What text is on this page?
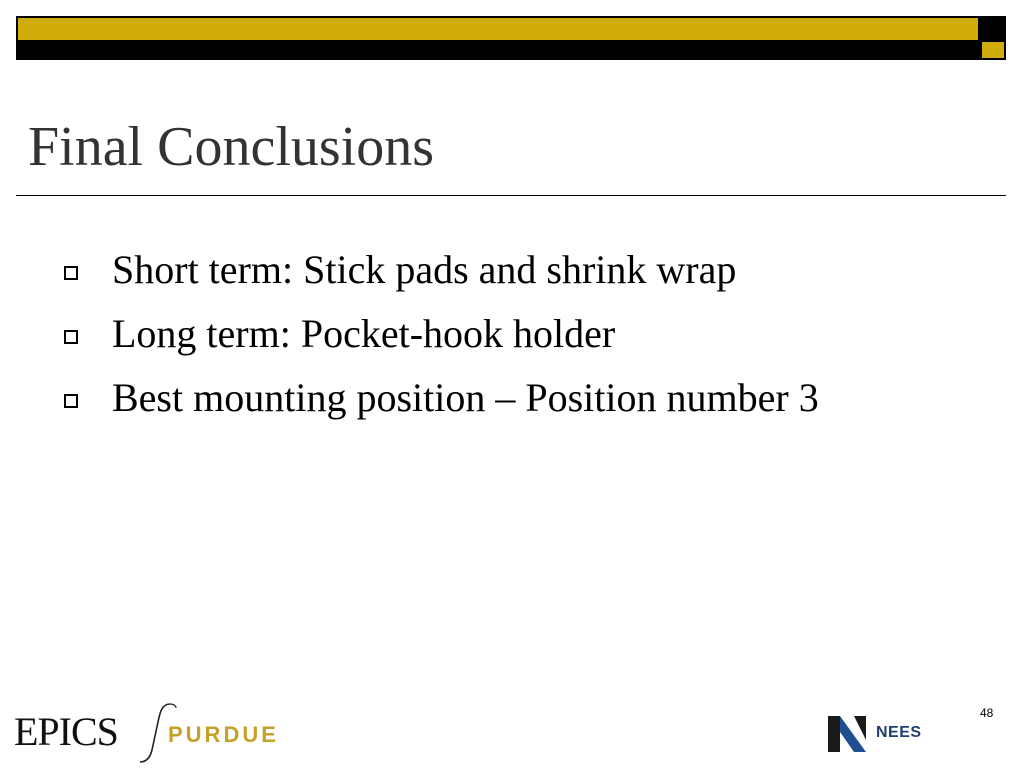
Final Conclusions
Short term: Stick pads and shrink wrap
Long term: Pocket-hook holder
Best mounting position – Position number 3
EPICS PURDUE	NEES
48
